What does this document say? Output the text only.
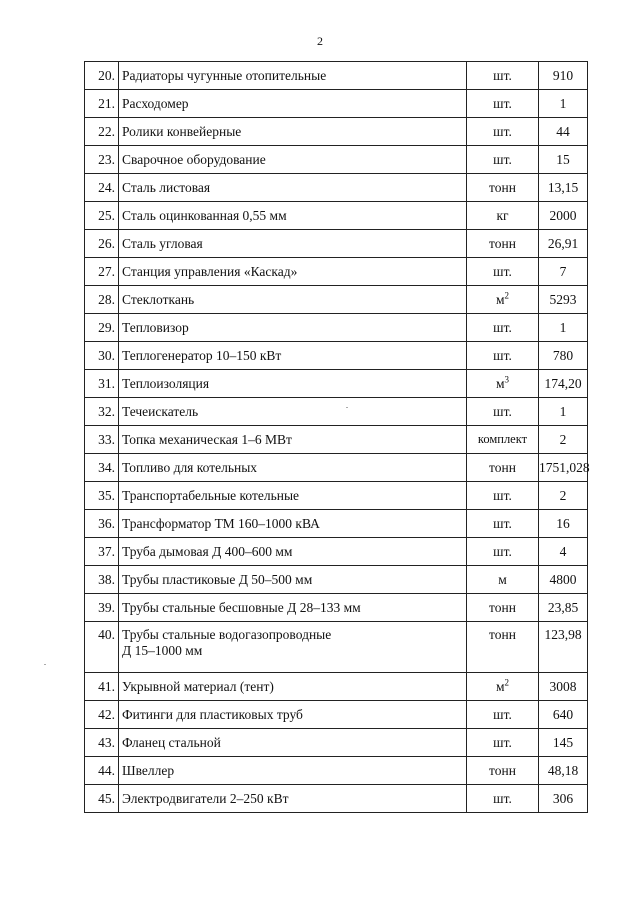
2
20.	Радиаторы чугунные отопительные	шт.	910
21.	Расходомер	шт.	1
22.	Ролики конвейерные	шт.	44
23.	Сварочное оборудование	шт.	15
24.	Сталь листовая	тонн	13,15
25.	Сталь оцинкованная 0,55 мм	кг	2000
26.	Сталь угловая	тонн	26,91
27.	Станция управления «Каскад»	шт.	7
28.	Стеклоткань	$м^2$	5293
29.	Тепловизор	шт.	1
30.	Теплогенератор 10–150 кВт	шт.	780
31.	Теплоизоляция	$м^3$	174,20
32.	Течеискатель	шт.	1
33.	Топка механическая 1–6 МВт	комплект	2
34.	Топливо для котельных	тонн	1751,028
35.	Транспортабельные котельные	шт.	2
36.	Трансформатор ТМ 160–1000 кВА	шт.	16
37.	Труба дымовая Д 400–600 мм	шт.	4
38.	Трубы пластиковые Д 50–500 мм	м	4800
39.	Трубы стальные бесшовные Д 28–133 мм	тонн	23,85
40.	Трубы стальные водогазопроводные
Д 15–1000 мм	тонн	123,98
41.	Укрывной материал (тент)	$м^2$	3008
42.	Фитинги для пластиковых труб	шт.	640
43.	Фланец стальной	шт.	145
44.	Швеллер	тонн	48,18
45.	Электродвигатели 2–250 кВт	шт.	306
